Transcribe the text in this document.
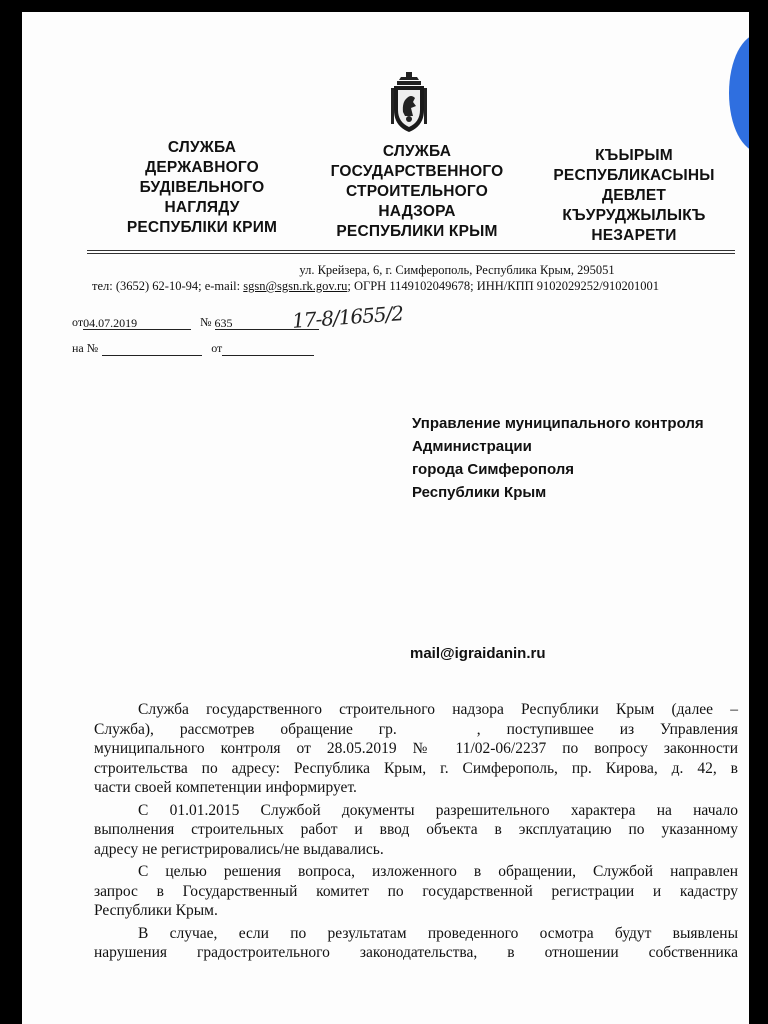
СЛУЖБА
ДЕРЖАВНОГО
БУДІВЕЛЬНОГО
НАГЛЯДУ
РЕСПУБЛІКИ КРИМ
СЛУЖБА
ГОСУДАРСТВЕННОГО
СТРОИТЕЛЬНОГО
НАДЗОРА
РЕСПУБЛИКИ КРЫМ
КЪЫРЫМ
РЕСПУБЛИКАСЫНЫ
ДЕВЛЕТ
КЪУРУДЖЫЛЫКЪ
НЕЗАРЕТИ
ул. Крейзера, 6, г. Симферополь, Республика Крым, 295051
тел: (3652) 62-10-94; e-mail: sgsn@sgsn.rk.gov.ru; ОГРН 1149102049678; ИНН/КПП 9102029252/910201001
от04.07.2019	№ 635	17-8/1655/2
на №	от
Управление муниципального контроля
Администрации
города Симферополя
Республики Крым
mail@igraidanin.ru

Служба государственного строительного надзора Республики Крым (далее –
Служба), рассмотрев обращение гр.	, поступившее из Управления
муниципального контроля от 28.05.2019 № 11/02-06/2237 по вопросу законности
строительства по адресу: Республика Крым, г. Симферополь, пр. Кирова, д. 42, в
части своей компетенции информирует.

С 01.01.2015 Службой документы разрешительного характера на начало
выполнения строительных работ и ввод объекта в эксплуатацию по указанному
адресу не регистрировались/не выдавались.

С целью решения вопроса, изложенного в обращении, Службой направлен
запрос в Государственный комитет по государственной регистрации и кадастру
Республики Крым.

В случае, если по результатам проведенного осмотра будут выявлены
нарушения градостроительного законодательства, в отношении собственника
